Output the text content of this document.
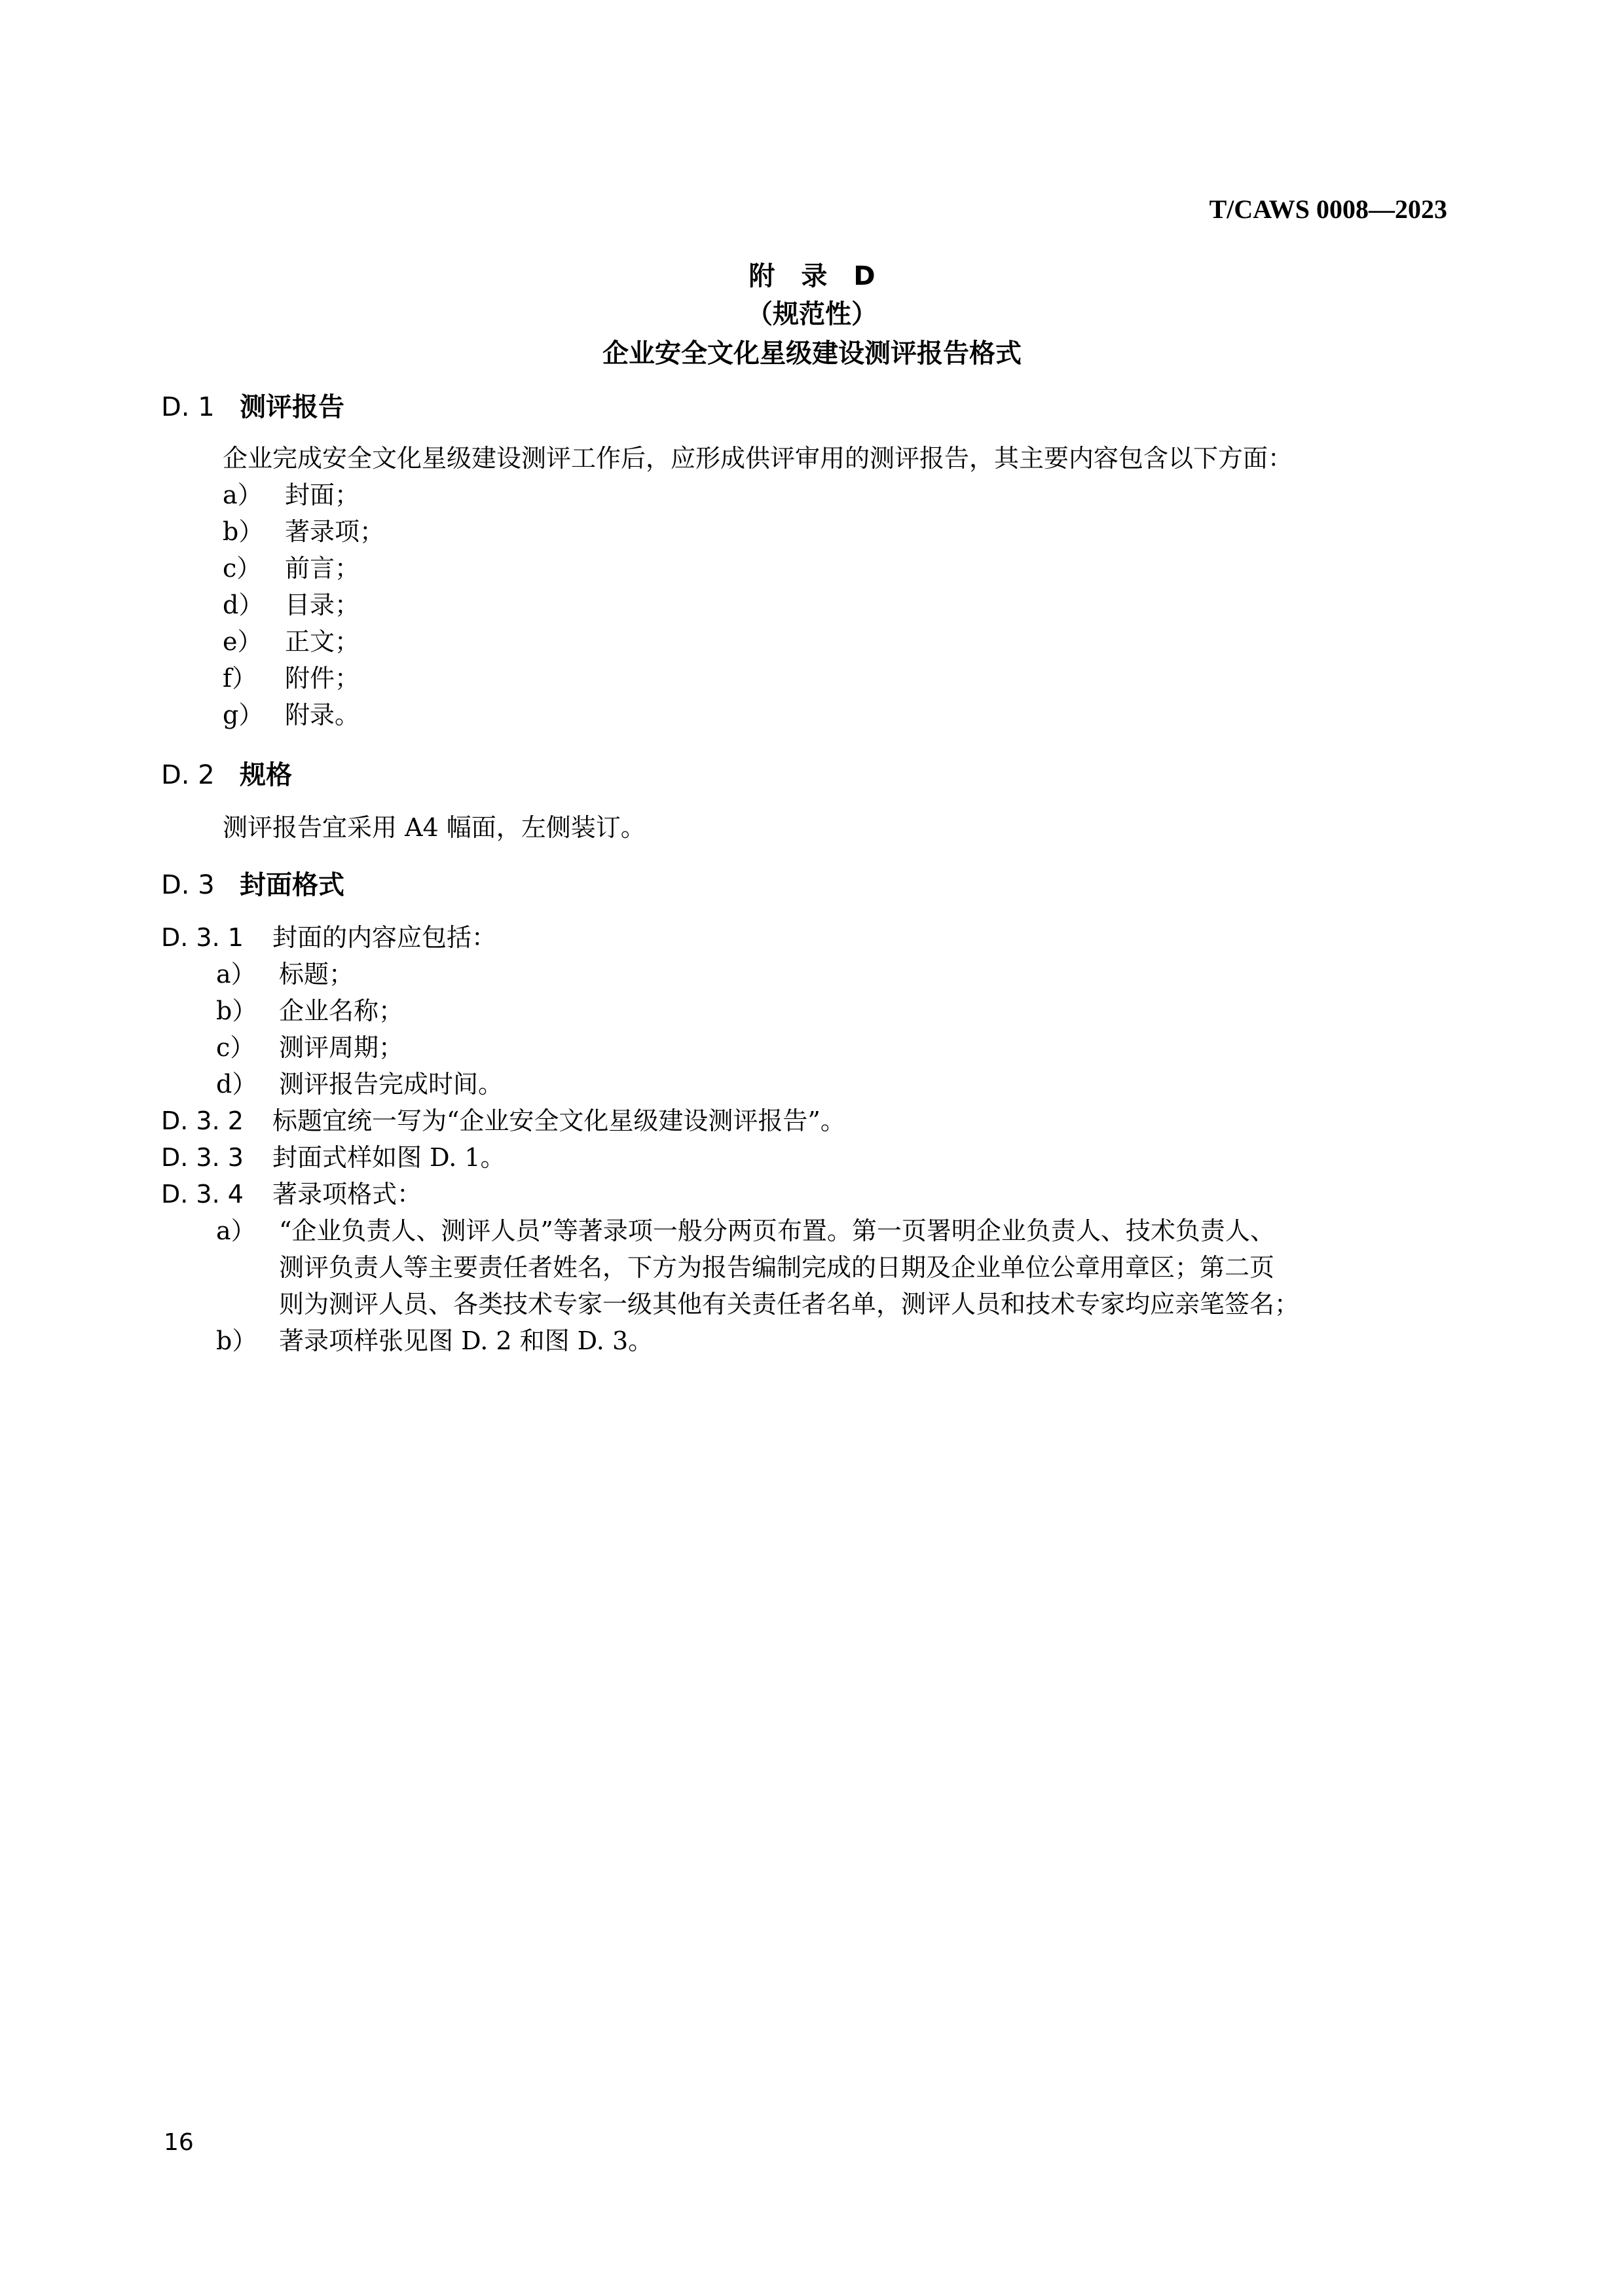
T/CAWS 0008—2023
附　录　D
（规范性）
企业安全文化星级建设测评报告格式
D. 1 测评报告
企业完成安全文化星级建设测评工作后，应形成供评审用的测评报告，其主要内容包含以下方面：
a） 封面；
b） 著录项；
c） 前言；
d） 目录；
e） 正文；
f） 附件；
g） 附录。
D. 2 规格
测评报告宜采用 A4 幅面，左侧装订。
D. 3 封面格式
D. 3. 1 封面的内容应包括：
a） 标题；
b） 企业名称；
c） 测评周期；
d） 测评报告完成时间。
D. 3. 2 标题宜统一写为“企业安全文化星级建设测评报告”。
D. 3. 3 封面式样如图 D. 1。
D. 3. 4 著录项格式：
a） “企业负责人、测评人员”等著录项一般分两页布置。第一页署明企业负责人、技术负责人、
测评负责人等主要责任者姓名，下方为报告编制完成的日期及企业单位公章用章区；第二页
则为测评人员、各类技术专家一级其他有关责任者名单，测评人员和技术专家均应亲笔签名；
b） 著录项样张见图 D. 2 和图 D. 3。
16
